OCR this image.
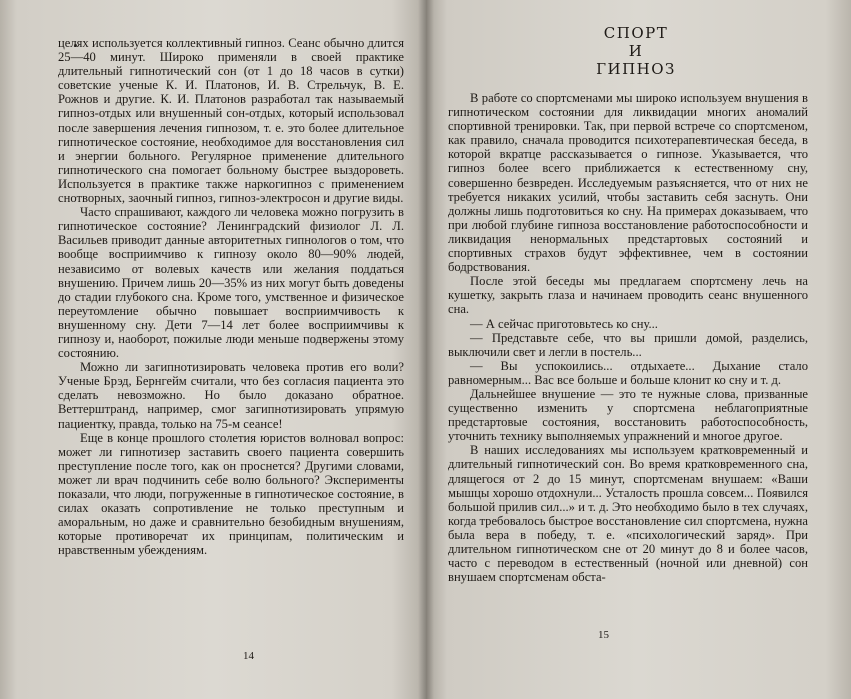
целях используется коллективный гипноз. Сеанс обычно длится 25—40 минут. Широко применяли в своей практике длительный гипнотический сон (от 1 до 18 часов в сутки) советские ученые К. И. Платонов, И. В. Стрельчук, В. Е. Рожнов и другие. К. И. Платонов разработал так называемый гипноз-отдых или внушенный сон-отдых, который использовал после завершения лечения гипнозом, т. е. это более длительное гипнотическое состояние, необходимое для восстановления сил и энергии больного. Регулярное применение длительного гипнотического сна помогает больному быстрее выздороветь. Используется в практике также наркогипноз с применением снотворных, заочный гипноз, гипноз-электросон и другие виды.

Часто спрашивают, каждого ли человека можно погрузить в гипнотическое состояние? Ленинградский физиолог Л. Л. Васильев приводит данные авторитетных гипнологов о том, что вообще восприимчиво к гипнозу около 80—90% людей, независимо от волевых качеств или желания поддаться внушению. Причем лишь 20—35% из них могут быть доведены до стадии глубокого сна. Кроме того, умственное и физическое переутомление обычно повышает восприимчивость к внушенному сну. Дети 7—14 лет более восприимчивы к гипнозу и, наоборот, пожилые люди меньше подвержены этому состоянию.

Можно ли загипнотизировать человека против его воли? Ученые Брэд, Бернгейм считали, что без согласия пациента это сделать невозможно. Но было доказано обратное. Веттерштранд, например, смог загипнотизировать упрямую пациентку, правда, только на 75-м сеансе!

Еще в конце прошлого столетия юристов волновал вопрос: может ли гипнотизер заставить своего пациента совершить преступление после того, как он проснется? Другими словами, может ли врач подчинить себе волю больного? Эксперименты показали, что люди, погруженные в гипнотическое состояние, в силах оказать сопротивление не только преступным и аморальным, но даже и сравнительно безобидным внушениям, которые противоречат их принципам, политическим и нравственным убеждениям.

14
СПОРТ
И
ГИПНОЗ

В работе со спортсменами мы широко используем внушения в гипнотическом состоянии для ликвидации многих аномалий спортивной тренировки. Так, при первой встрече со спортсменом, как правило, сначала проводится психотерапевтическая беседа, в которой вкратце рассказывается о гипнозе. Указывается, что гипноз более всего приближается к естественному сну, совершенно безвреден. Исследуемым разъясняется, что от них не требуется никаких усилий, чтобы заставить себя заснуть. Они должны лишь подготовиться ко сну. На примерах доказываем, что при любой глубине гипноза восстановление работоспособности и ликвидация ненормальных предстартовых состояний и спортивных страхов будут эффективнее, чем в состоянии бодрствования.

После этой беседы мы предлагаем спортсмену лечь на кушетку, закрыть глаза и начинаем проводить сеанс внушенного сна.

— А сейчас приготовьтесь ко сну...

— Представьте себе, что вы пришли домой, разделись, выключили свет и легли в постель...

— Вы успокоились... отдыхаете... Дыхание стало равномерным... Вас все больше и больше клонит ко сну и т. д.

Дальнейшее внушение — это те нужные слова, призванные существенно изменить у спортсмена неблагоприятные предстартовые состояния, восстановить работоспособность, уточнить технику выполняемых упражнений и многое другое.

В наших исследованиях мы используем кратковременный и длительный гипнотический сон. Во время кратковременного сна, длящегося от 2 до 15 минут, спортсменам внушаем: «Ваши мышцы хорошо отдохнули... Усталость прошла совсем... Появился большой прилив сил...» и т. д. Это необходимо было в тех случаях, когда требовалось быстрое восстановление сил спортсмена, нужна была вера в победу, т. е. «психологический заряд». При длительном гипнотическом сне от 20 минут до 8 и более часов, часто с переводом в естественный (ночной или дневной) сон внушаем спортсменам обста-

15
